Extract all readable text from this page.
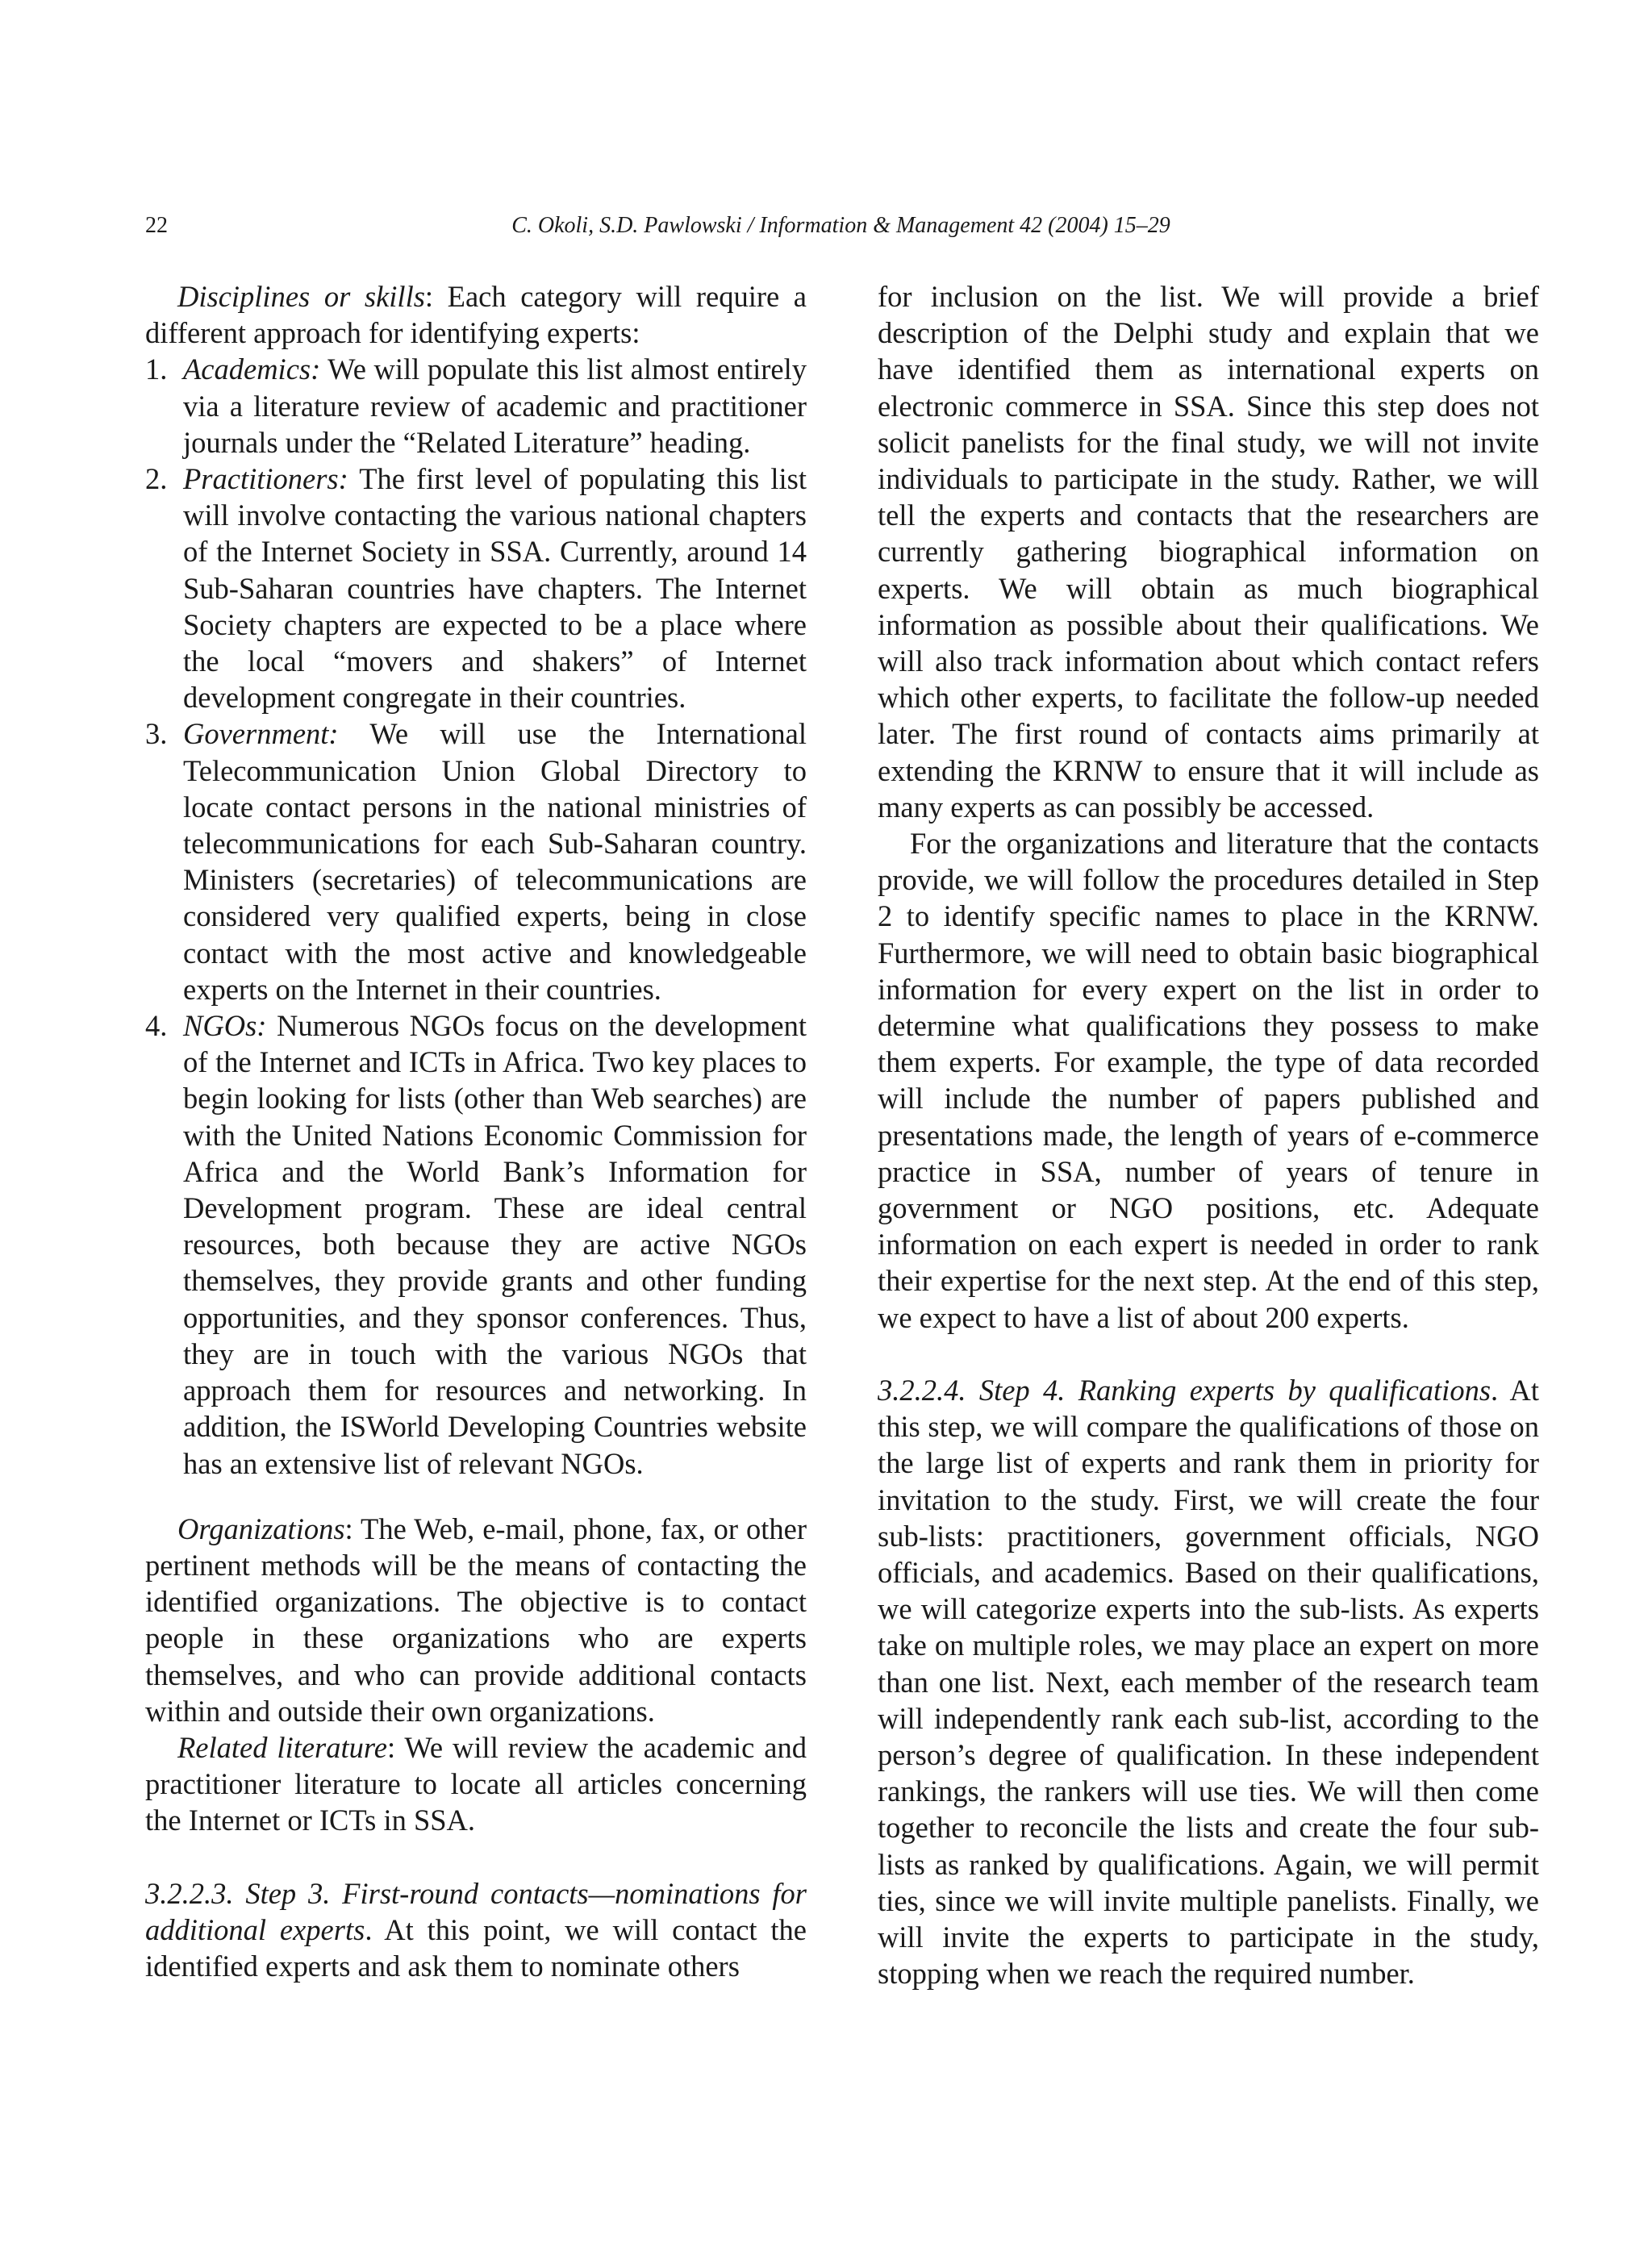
22	C. Okoli, S.D. Pawlowski / Information & Management 42 (2004) 15–29

Disciplines or skills: Each category will require a different approach for identifying experts:

1. Academics: We will populate this list almost entirely via a literature review of academic and practitioner journals under the “Related Literature” heading.
2. Practitioners: The first level of populating this list will involve contacting the various national chapters of the Internet Society in SSA. Currently, around 14 Sub-Saharan countries have chapters. The Internet Society chapters are expected to be a place where the local “movers and shakers” of Internet development congregate in their countries.
3. Government: We will use the International Telecommunication Union Global Directory to locate contact persons in the national ministries of telecommunications for each Sub-Saharan country. Ministers (secretaries) of telecommunications are considered very qualified experts, being in close contact with the most active and knowledgeable experts on the Internet in their countries.
4. NGOs: Numerous NGOs focus on the development of the Internet and ICTs in Africa. Two key places to begin looking for lists (other than Web searches) are with the United Nations Economic Commission for Africa and the World Bank’s Information for Development program. These are ideal central resources, both because they are active NGOs themselves, they provide grants and other funding opportunities, and they sponsor conferences. Thus, they are in touch with the various NGOs that approach them for resources and networking. In addition, the ISWorld Developing Countries website has an extensive list of relevant NGOs.

Organizations: The Web, e-mail, phone, fax, or other pertinent methods will be the means of contacting the identified organizations. The objective is to contact people in these organizations who are experts themselves, and who can provide additional contacts within and outside their own organizations.

Related literature: We will review the academic and practitioner literature to locate all articles concerning the Internet or ICTs in SSA.

3.2.2.3. Step 3. First-round contacts—nominations for additional experts. At this point, we will contact the identified experts and ask them to nominate others

for inclusion on the list. We will provide a brief description of the Delphi study and explain that we have identified them as international experts on electronic commerce in SSA. Since this step does not solicit panelists for the final study, we will not invite individuals to participate in the study. Rather, we will tell the experts and contacts that the researchers are currently gathering biographical information on experts. We will obtain as much biographical information as possible about their qualifications. We will also track information about which contact refers which other experts, to facilitate the follow-up needed later. The first round of contacts aims primarily at extending the KRNW to ensure that it will include as many experts as can possibly be accessed.

For the organizations and literature that the contacts provide, we will follow the procedures detailed in Step 2 to identify specific names to place in the KRNW. Furthermore, we will need to obtain basic biographical information for every expert on the list in order to determine what qualifications they possess to make them experts. For example, the type of data recorded will include the number of papers published and presentations made, the length of years of e-commerce practice in SSA, number of years of tenure in government or NGO positions, etc. Adequate information on each expert is needed in order to rank their expertise for the next step. At the end of this step, we expect to have a list of about 200 experts.

3.2.2.4. Step 4. Ranking experts by qualifications. At this step, we will compare the qualifications of those on the large list of experts and rank them in priority for invitation to the study. First, we will create the four sub-lists: practitioners, government officials, NGO officials, and academics. Based on their qualifications, we will categorize experts into the sub-lists. As experts take on multiple roles, we may place an expert on more than one list. Next, each member of the research team will independently rank each sub-list, according to the person’s degree of qualification. In these independent rankings, the rankers will use ties. We will then come together to reconcile the lists and create the four sub-lists as ranked by qualifications. Again, we will permit ties, since we will invite multiple panelists. Finally, we will invite the experts to participate in the study, stopping when we reach the required number.
